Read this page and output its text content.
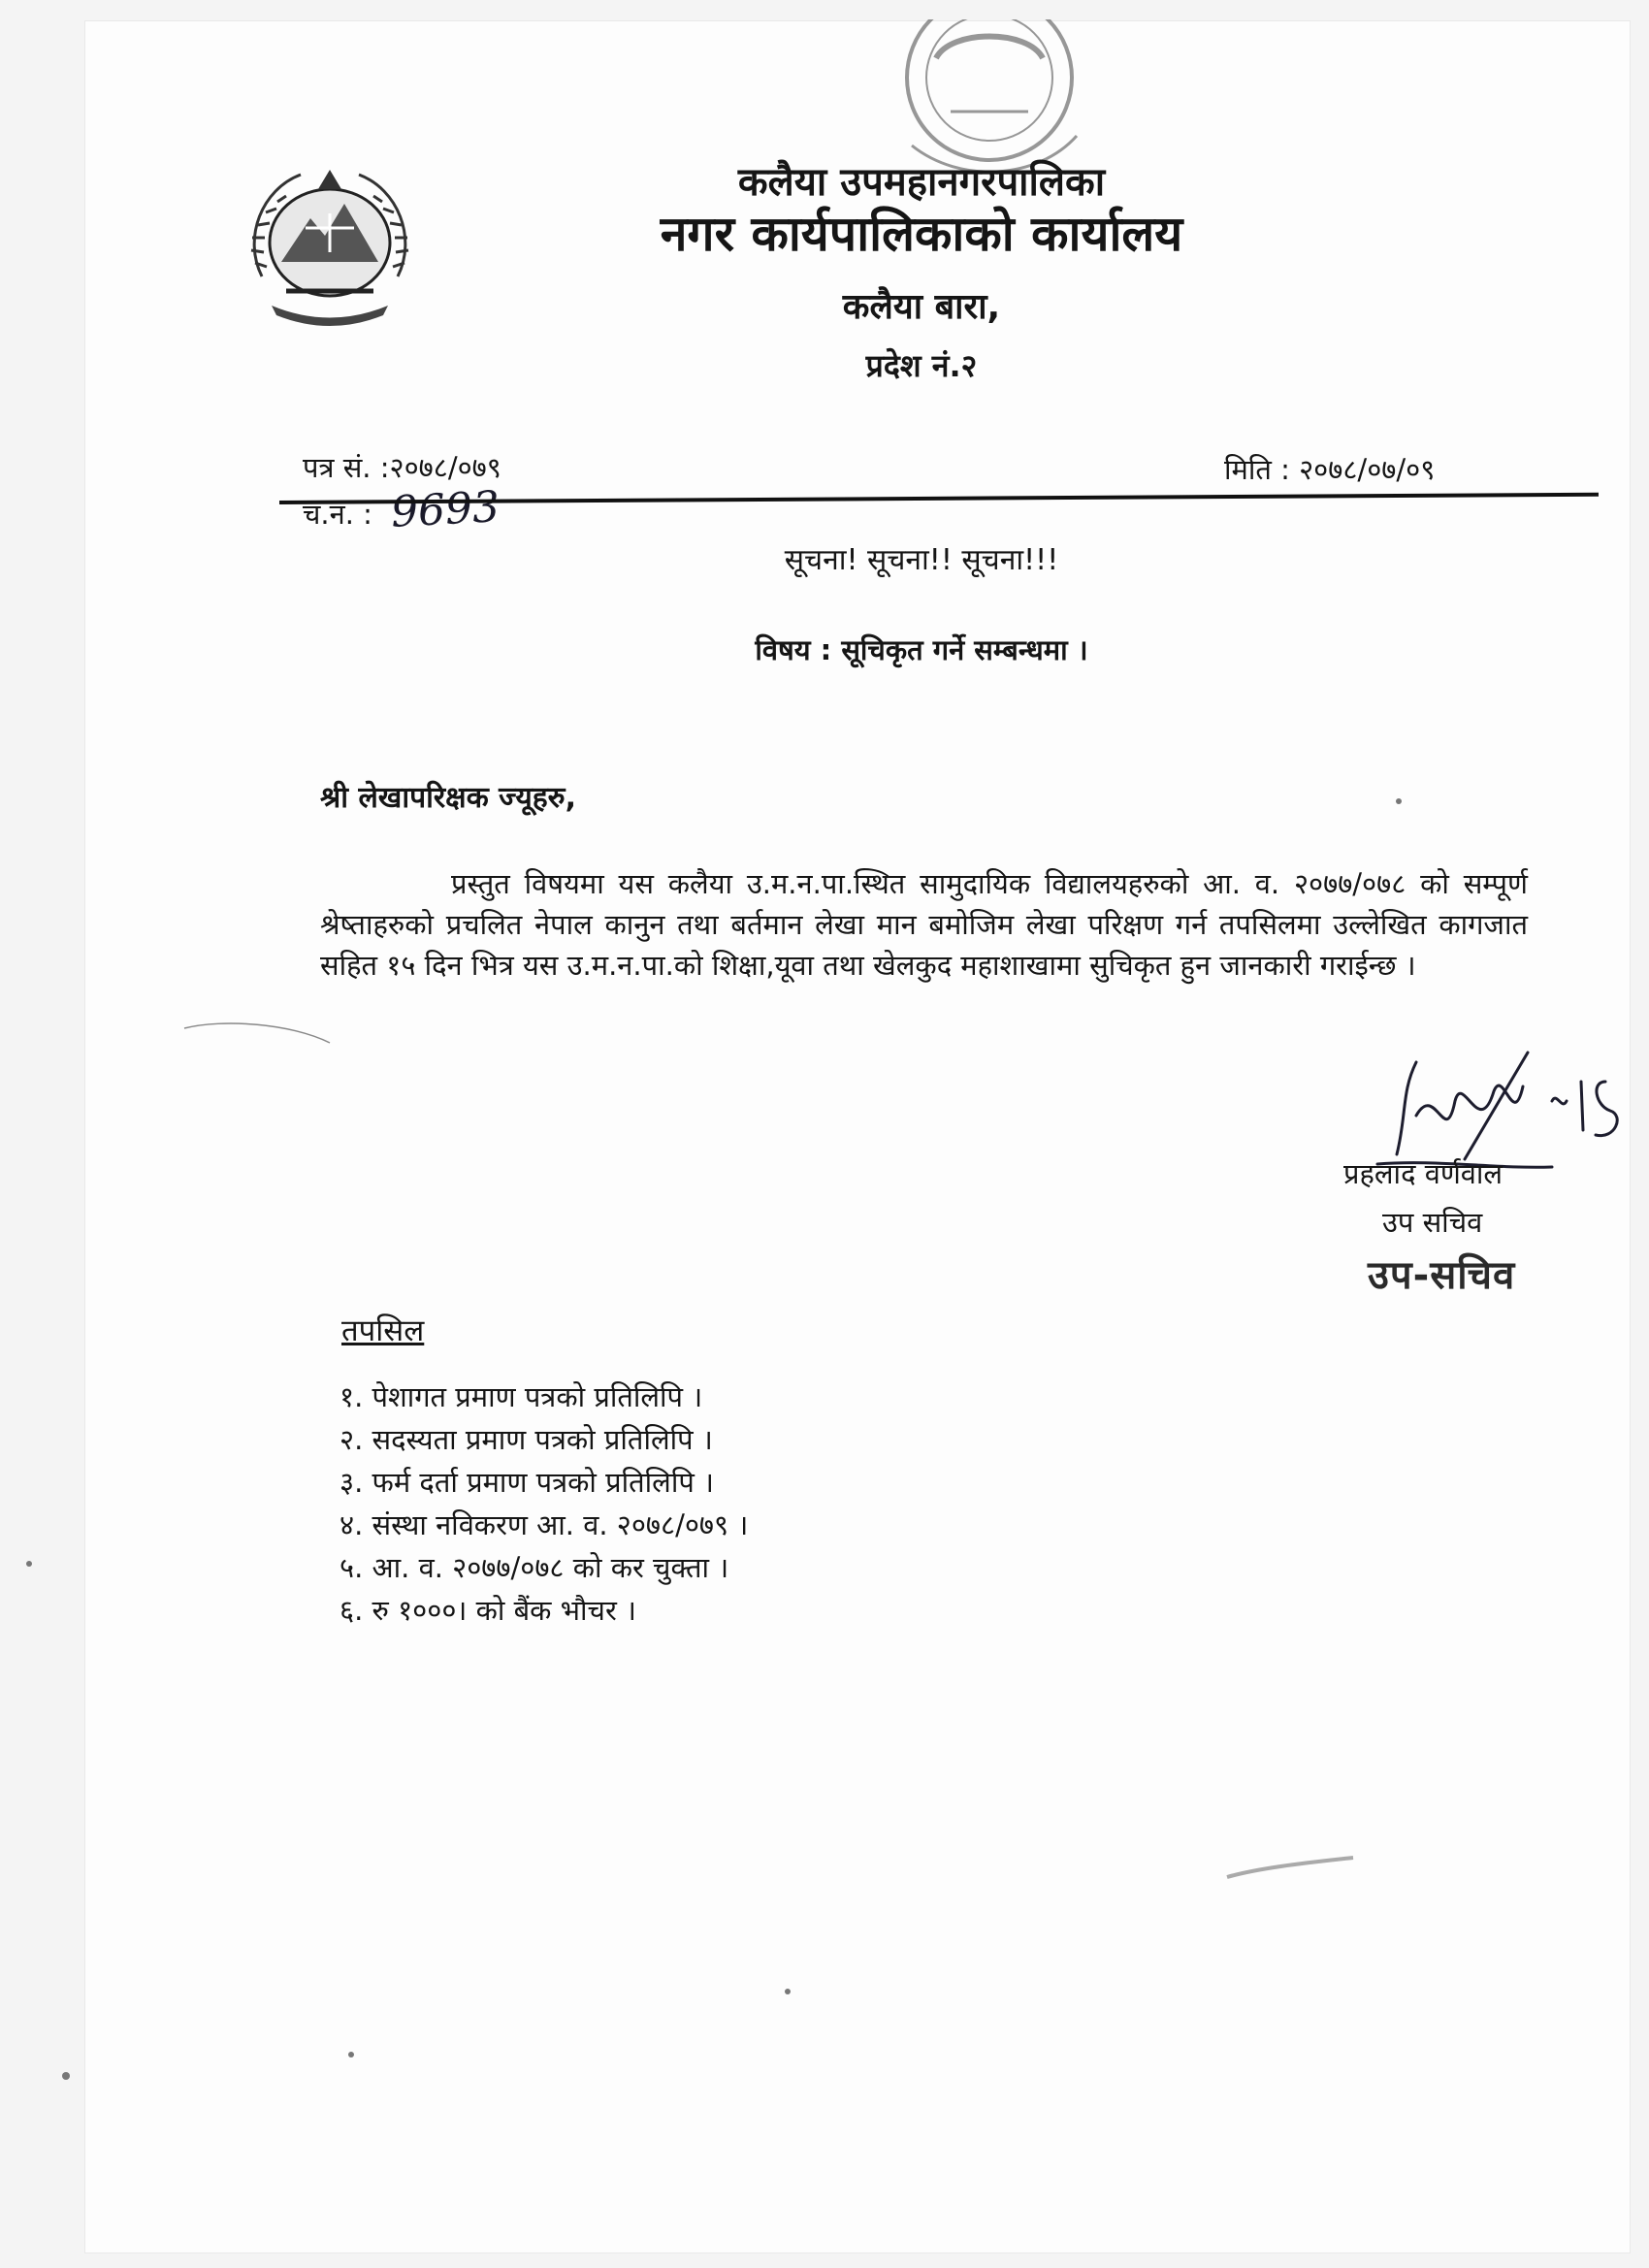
कलैया उपमहानगरपालिका
नगर कार्यपालिकाको कार्यालय
कलैया बारा,
प्रदेश नं.२
पत्र सं. :२०७८/०७९
च.नं. : 9693
मिति : २०७८/०७/०९
सूचना! सूचना!! सूचना!!!
विषय : सूचिकृत गर्ने सम्बन्धमा ।
श्री लेखापरिक्षक ज्यूहरु,

प्रस्तुत विषयमा यस कलैया उ.म.न.पा.स्थित सामुदायिक विद्यालयहरुको आ. व. २०७७/०७८ को सम्पूर्ण श्रेष्ताहरुको प्रचलित नेपाल कानुन तथा बर्तमान लेखा मान बमोजिम लेखा परिक्षण गर्न तपसिलमा उल्लेखित कागजात सहित १५ दिन भित्र यस उ.म.न.पा.को शिक्षा,यूवा तथा खेलकुद महाशाखामा सुचिकृत हुन जानकारी गराईन्छ ।

प्रहलाद वर्णवाल
उप सचिव
उप-सचिव
तपसिल
१. पेशागत प्रमाण पत्रको प्रतिलिपि ।
२. सदस्यता प्रमाण पत्रको प्रतिलिपि ।
३. फर्म दर्ता प्रमाण पत्रको प्रतिलिपि ।
४. संस्था नविकरण आ. व. २०७८/०७९ ।
५. आ. व. २०७७/०७८ को कर चुक्ता ।
६. रु १०००। को बैंक भौचर ।
